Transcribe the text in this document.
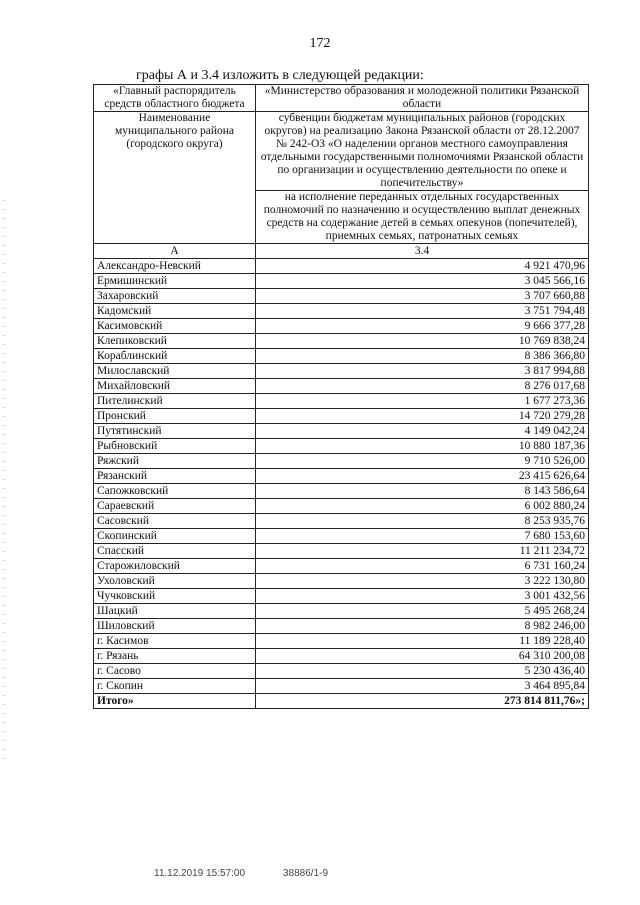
172
графы А и 3.4 изложить в следующей редакции:
«Главный распорядитель средств областного бюджета	«Министерство образования и молодежной политики Рязанской области
Наименование муниципального района (городского округа)	субвенции бюджетам муниципальных районов (городских округов) на реализацию Закона Рязанской области от 28.12.2007 № 242-ОЗ «О наделении органов местного самоуправления отдельными государственными полномочиями Рязанской области по организации и осуществлению деятельности по опеке и попечительству»
	на исполнение переданных отдельных государственных полномочий по назначению и осуществлению выплат денежных средств на содержание детей в семьях опекунов (попечителей), приемных семьях, патронатных семьях
А	3.4
Александро-Невский	4 921 470,96
Ермишинский	3 045 566,16
Захаровский	3 707 660,88
Кадомский	3 751 794,48
Касимовский	9 666 377,28
Клепиковский	10 769 838,24
Кораблинский	8 386 366,80
Милославский	3 817 994,88
Михайловский	8 276 017,68
Пителинский	1 677 273,36
Пронский	14 720 279,28
Путятинский	4 149 042,24
Рыбновский	10 880 187,36
Ряжский	9 710 526,00
Рязанский	23 415 626,64
Сапожковский	8 143 586,64
Сараевский	6 002 880,24
Сасовский	8 253 935,76
Скопинский	7 680 153,60
Спасский	11 211 234,72
Старожиловский	6 731 160,24
Ухоловский	3 222 130,80
Чучковский	3 001 432,56
Шацкий	5 495 268,24
Шиловский	8 982 246,00
г. Касимов	11 189 228,40
г. Рязань	64 310 200,08
г. Сасово	5 230 436,40
г. Скопин	3 464 895,84
Итого»	273 814 811,76»;
11.12.2019 15:57:00	38886/1-9
